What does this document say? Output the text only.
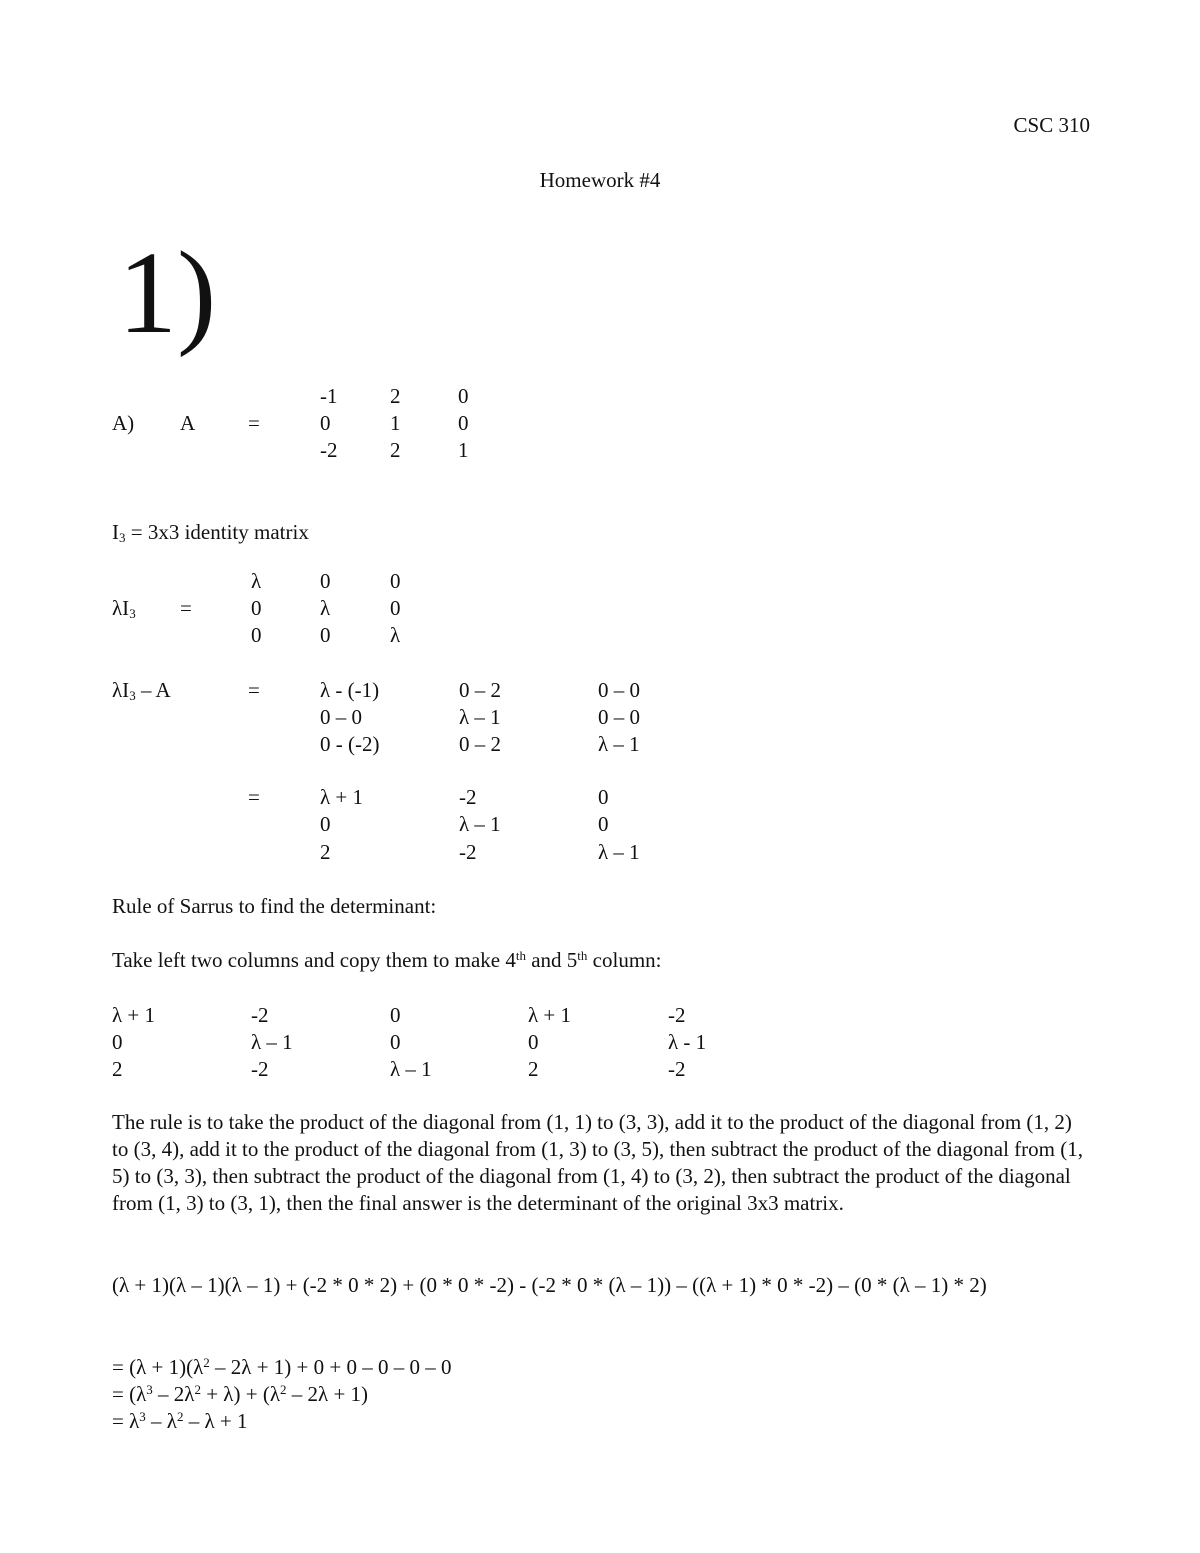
CSC 310
Homework #4
1)
A) A	=
-1	2	0
0	1	0
-2	2	1
$I_3 = 3x3$ identity matrix
$\lambda I_3$ =
λ	0	0
0	λ	0
0	0	λ
$\lambda I_3$ – A	=	λ - (-1)	0 – 2	0 – 0
0 – 0	λ – 1	0 – 0
0 - (-2)	0 – 2	λ – 1
=	λ + 1	-2	0
0	λ – 1	0
2	-2	λ – 1
Rule of Sarrus to find the determinant:
Take left two columns and copy them to make 4th and 5th column:
λ + 1	-2	0	λ + 1	-2
0	λ – 1	0	0	λ - 1
2	-2	λ – 1	2	-2
The rule is to take the product of the diagonal from (1, 1) to (3, 3), add it to the product of the diagonal from (1, 2) to (3, 4), add it to the product of the diagonal from (1, 3) to (3, 5), then subtract the product of the diagonal from (1, 5) to (3, 3), then subtract the product of the diagonal from (1, 4) to (3, 2), then subtract the product of the diagonal from (1, 3) to (3, 1), then the final answer is the determinant of the original 3x3 matrix.
(λ + 1)(λ – 1)(λ – 1) + (-2 * 0 * 2) + (0 * 0 * -2) - (-2 * 0 * (λ – 1)) – ((λ + 1) * 0 * -2) – (0 * (λ – 1) * 2)
= $(\lambda + 1)(\lambda^2 - 2\lambda + 1) + 0 + 0 - 0 - 0 - 0$
= $(\lambda^3 - 2\lambda^2 + \lambda) + (\lambda^2 - 2\lambda + 1)$
= $\lambda^3 - \lambda^2 - \lambda + 1$
